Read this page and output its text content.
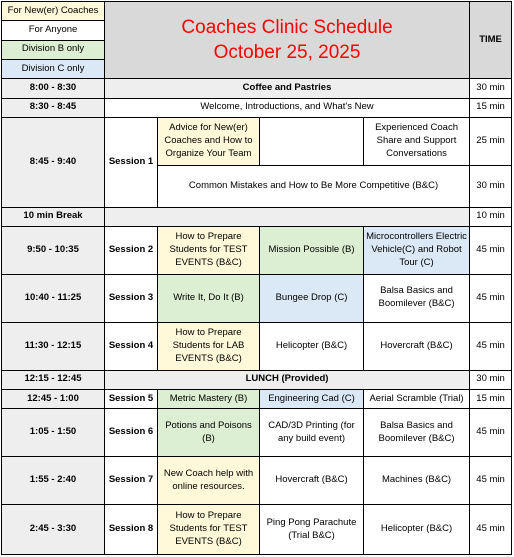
For New(er) Coaches	Coaches Clinic Schedule
October 25, 2025				TIME
For Anyone					
Division B only					
Division C only					
8:00 - 8:30	Coffee and Pastries				30 min
8:30 - 8:45	Welcome, Introductions, and What's New				15 min
8:45 - 9:40	Session 1	Advice for New(er) Coaches and How to Organize Your Team		Experienced Coach Share and Support Conversations	25 min
		Common Mistakes and How to Be More Competitive (B&C)			30 min
10 min Break					10 min
9:50 - 10:35	Session 2	How to Prepare Students for TEST EVENTS (B&C)	Mission Possible (B)	Microcontrollers Electric Vehicle(C) and Robot Tour (C)	45 min
10:40 - 11:25	Session 3	Write It, Do It (B)	Bungee Drop (C)	Balsa Basics and Boomilever (B&C)	45 min
11:30 - 12:15	Session 4	How to Prepare Students for LAB EVENTS (B&C)	Helicopter (B&C)	Hovercraft (B&C)	45 min
12:15 - 12:45	LUNCH (Provided)				30 min
12:45 - 1:00	Session 5	Metric Mastery (B)	Engineering Cad (C)	Aerial Scramble (Trial)	15 min
1:05 - 1:50	Session 6	Potions and Poisons (B)	CAD/3D Printing (for any build event)	Balsa Basics and Boomilever (B&C)	45 min
1:55 - 2:40	Session 7	New Coach help with online resources.	Hovercraft (B&C)	Machines (B&C)	45 min
2:45 - 3:30	Session 8	How to Prepare Students for TEST EVENTS (B&C)	Ping Pong Parachute (Trial B&C)	Helicopter (B&C)	45 min
